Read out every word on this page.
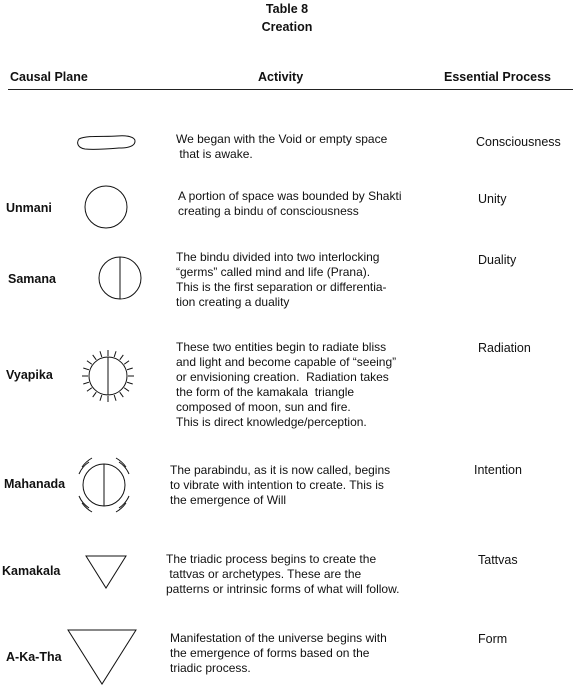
Table 8
Creation
Causal Plane	Activity	Essential Process
We began with the Void or empty space
that is awake.
Consciousness
Unmani
A portion of space was bounded by Shakti
creating a bindu of consciousness
Unity
Samana
The bindu divided into two interlocking
“germs” called mind and life (Prana).
This is the first separation or differentia-
tion creating a duality
Duality
Vyapika
These two entities begin to radiate bliss
and light and become capable of “seeing”
or envisioning creation.  Radiation takes
the form of the kamakala  triangle
composed of moon, sun and fire.
This is direct knowledge/perception.
Radiation
Mahanada
The parabindu, as it is now called, begins
to vibrate with intention to create. This is
the emergence of Will
Intention
Kamakala
The triadic process begins to create the
tattvas or archetypes. These are the
patterns or intrinsic forms of what will follow.
Tattvas
A-Ka-Tha
Manifestation of the universe begins with
the emergence of forms based on the
triadic process.
Form
